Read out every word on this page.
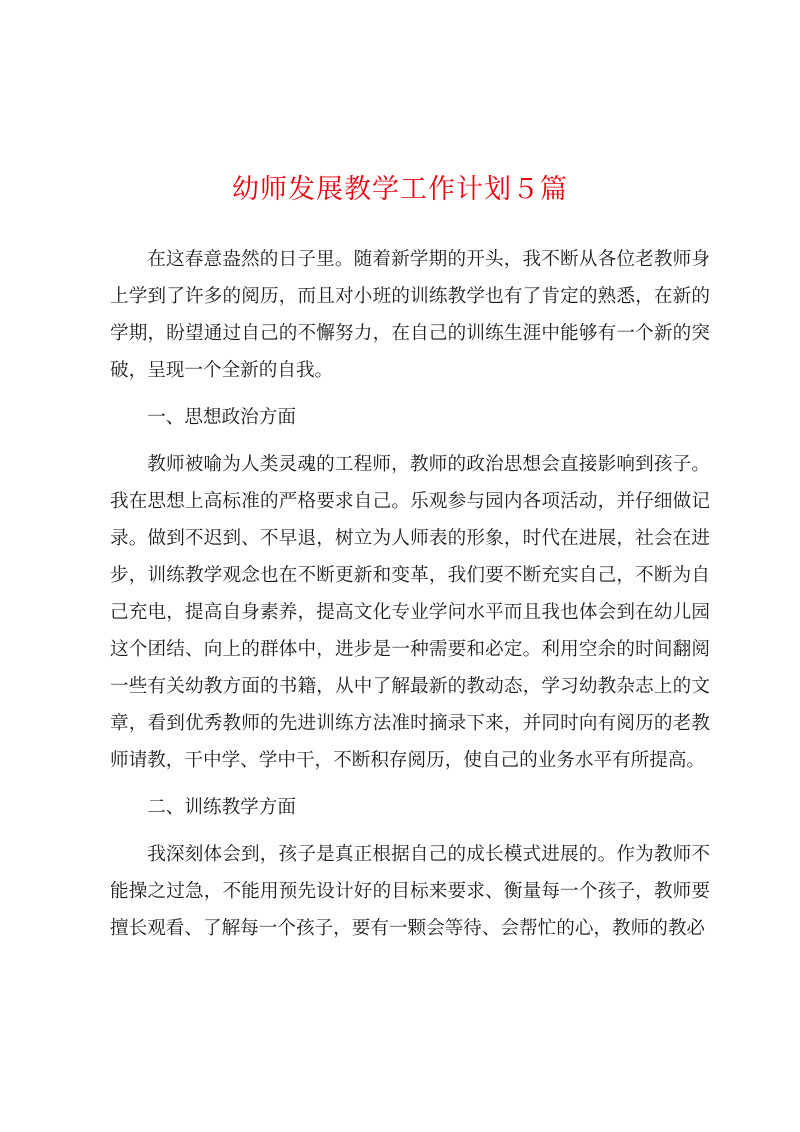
幼师发展教学工作计划５篇

在这春意盎然的日子里。随着新学期的开头，我不断从各位老教师身上学到了许多的阅历，而且对小班的训练教学也有了肯定的熟悉，在新的学期，盼望通过自己的不懈努力，在自己的训练生涯中能够有一个新的突破，呈现一个全新的自我。

一、思想政治方面

教师被喻为人类灵魂的工程师，教师的政治思想会直接影响到孩子。我在思想上高标准的严格要求自己。乐观参与园内各项活动，并仔细做记录。做到不迟到、不早退，树立为人师表的形象，时代在进展，社会在进步，训练教学观念也在不断更新和变革，我们要不断充实自己，不断为自己充电，提高自身素养，提高文化专业学问水平而且我也体会到在幼儿园这个团结、向上的群体中，进步是一种需要和必定。利用空余的时间翻阅一些有关幼教方面的书籍，从中了解最新的教动态，学习幼教杂志上的文章，看到优秀教师的先进训练方法准时摘录下来，并同时向有阅历的老教师请教，干中学、学中干，不断积存阅历，使自己的业务水平有所提高。

二、训练教学方面

我深刻体会到，孩子是真正根据自己的成长模式进展的。作为教师不能操之过急，不能用预先设计好的目标来要求、衡量每一个孩子，教师要擅长观看、了解每一个孩子，要有一颗会等待、会帮忙的心，教师的教必
